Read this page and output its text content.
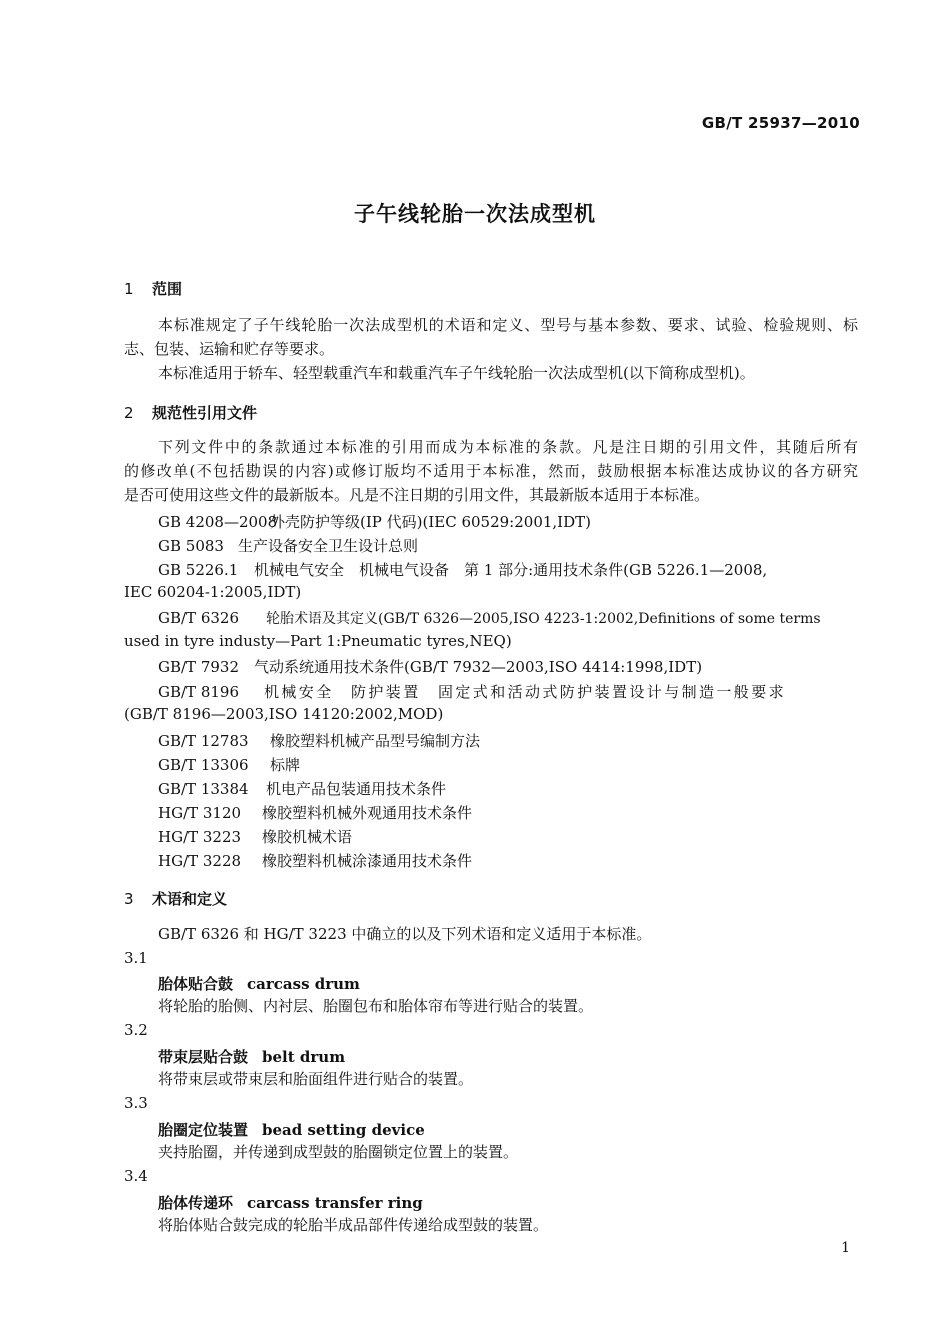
GB/T 25937—2010
子午线轮胎一次法成型机
1 范围
本标准规定了子午线轮胎一次法成型机的术语和定义、型号与基本参数、要求、试验、检验规则、标
志、包装、运输和贮存等要求。
本标准适用于轿车、轻型载重汽车和载重汽车子午线轮胎一次法成型机(以下简称成型机)。
2 规范性引用文件
下列文件中的条款通过本标准的引用而成为本标准的条款。凡是注日期的引用文件，其随后所有
的修改单(不包括勘误的内容)或修订版均不适用于本标准，然而，鼓励根据本标准达成协议的各方研究
是否可使用这些文件的最新版本。凡是不注日期的引用文件，其最新版本适用于本标准。
GB 4208—2008外壳防护等级(IP 代码)(IEC 60529:2001,IDT)
GB 5083 生产设备安全卫生设计总则
GB 5226.1 机械电气安全　机械电气设备　第 1 部分:通用技术条件(GB 5226.1—2008,
IEC 60204-1:2005,IDT)
GB/T 6326 轮胎术语及其定义(GB/T 6326—2005,ISO 4223-1:2002,Definitions of some terms
used in tyre industy—Part 1:Pneumatic tyres,NEQ)
GB/T 7932 气动系统通用技术条件(GB/T 7932—2003,ISO 4414:1998,IDT)
GB/T 8196 机械安全　防护装置　固定式和活动式防护装置设计与制造一般要求
(GB/T 8196—2003,ISO 14120:2002,MOD)
GB/T 12783 橡胶塑料机械产品型号编制方法
GB/T 13306 标牌
GB/T 13384 机电产品包装通用技术条件
HG/T 3120 橡胶塑料机械外观通用技术条件
HG/T 3223 橡胶机械术语
HG/T 3228 橡胶塑料机械涂漆通用技术条件
3 术语和定义
GB/T 6326 和 HG/T 3223 中确立的以及下列术语和定义适用于本标准。
3.1
胎体贴合鼓 carcass drum
将轮胎的胎侧、内衬层、胎圈包布和胎体帘布等进行贴合的装置。
3.2
带束层贴合鼓 belt drum
将带束层或带束层和胎面组件进行贴合的装置。
3.3
胎圈定位装置 bead setting device
夹持胎圈，并传递到成型鼓的胎圈锁定位置上的装置。
3.4
胎体传递环 carcass transfer ring
将胎体贴合鼓完成的轮胎半成品部件传递给成型鼓的装置。
1
